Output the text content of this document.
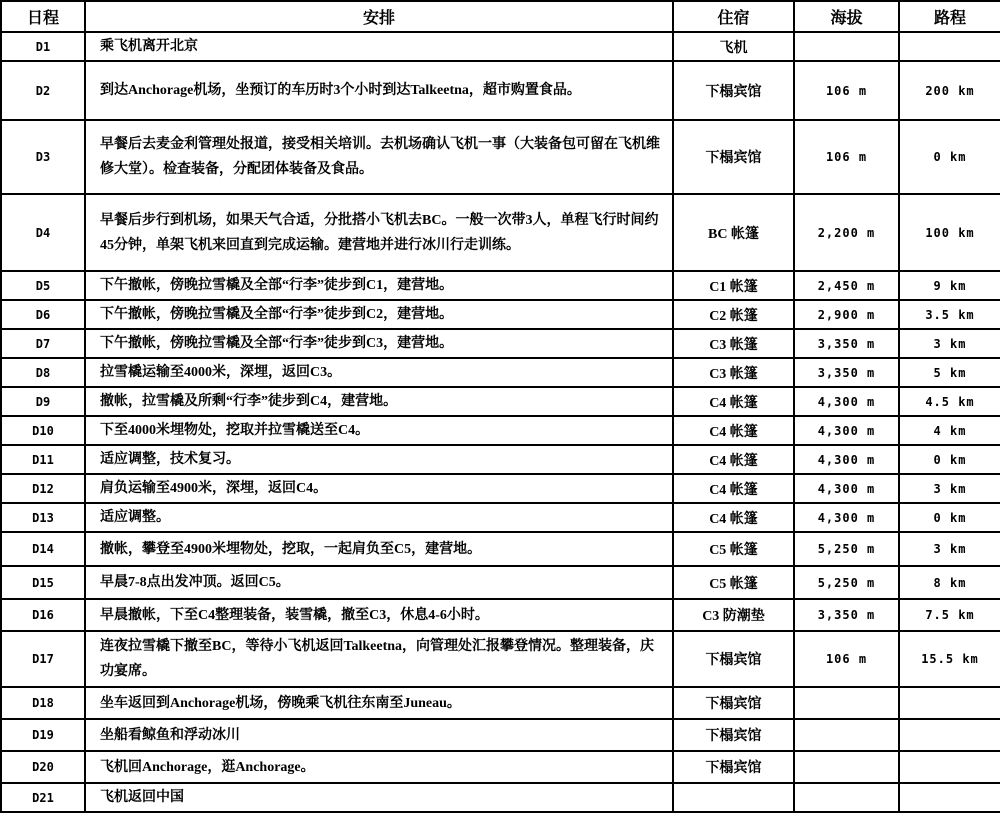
日程	安排	住宿	海拔	路程
D1	乘飞机离开北京	飞机		
D2	到达Anchorage机场，坐预订的车历时3个小时到达Talkeetna，超市购置食品。	下榻宾馆	106 m	200 km
D3	早餐后去麦金利管理处报道，接受相关培训。去机场确认飞机一事（大装备包可留在飞机维修大堂）。检查装备，分配团体装备及食品。	下榻宾馆	106 m	0 km
D4	早餐后步行到机场，如果天气合适，分批搭小飞机去BC。一般一次带3人，单程飞行时间约45分钟，单架飞机来回直到完成运输。建营地并进行冰川行走训练。	BC 帐篷	2,200 m	100 km
D5	下午撤帐，傍晚拉雪橇及全部“行李”徒步到C1，建营地。	C1 帐篷	2,450 m	9 km
D6	下午撤帐，傍晚拉雪橇及全部“行李”徒步到C2，建营地。	C2 帐篷	2,900 m	3.5 km
D7	下午撤帐，傍晚拉雪橇及全部“行李”徒步到C3，建营地。	C3 帐篷	3,350 m	3 km
D8	拉雪橇运输至4000米，深埋，返回C3。	C3 帐篷	3,350 m	5 km
D9	撤帐，拉雪橇及所剩“行李”徒步到C4，建营地。	C4 帐篷	4,300 m	4.5 km
D10	下至4000米埋物处，挖取并拉雪橇送至C4。	C4 帐篷	4,300 m	4 km
D11	适应调整，技术复习。	C4 帐篷	4,300 m	0 km
D12	肩负运输至4900米，深埋，返回C4。	C4 帐篷	4,300 m	3 km
D13	适应调整。	C4 帐篷	4,300 m	0 km
D14	撤帐，攀登至4900米埋物处，挖取，一起肩负至C5，建营地。	C5 帐篷	5,250 m	3 km
D15	早晨7-8点出发冲顶。返回C5。	C5 帐篷	5,250 m	8 km
D16	早晨撤帐，下至C4整理装备，装雪橇，撤至C3，休息4-6小时。	C3 防潮垫	3,350 m	7.5 km
D17	连夜拉雪橇下撤至BC，等待小飞机返回Talkeetna，向管理处汇报攀登情况。整理装备，庆功宴席。	下榻宾馆	106 m	15.5 km
D18	坐车返回到Anchorage机场，傍晚乘飞机往东南至Juneau。	下榻宾馆		
D19	坐船看鲸鱼和浮动冰川	下榻宾馆		
D20	飞机回Anchorage，逛Anchorage。	下榻宾馆		
D21	飞机返回中国			
